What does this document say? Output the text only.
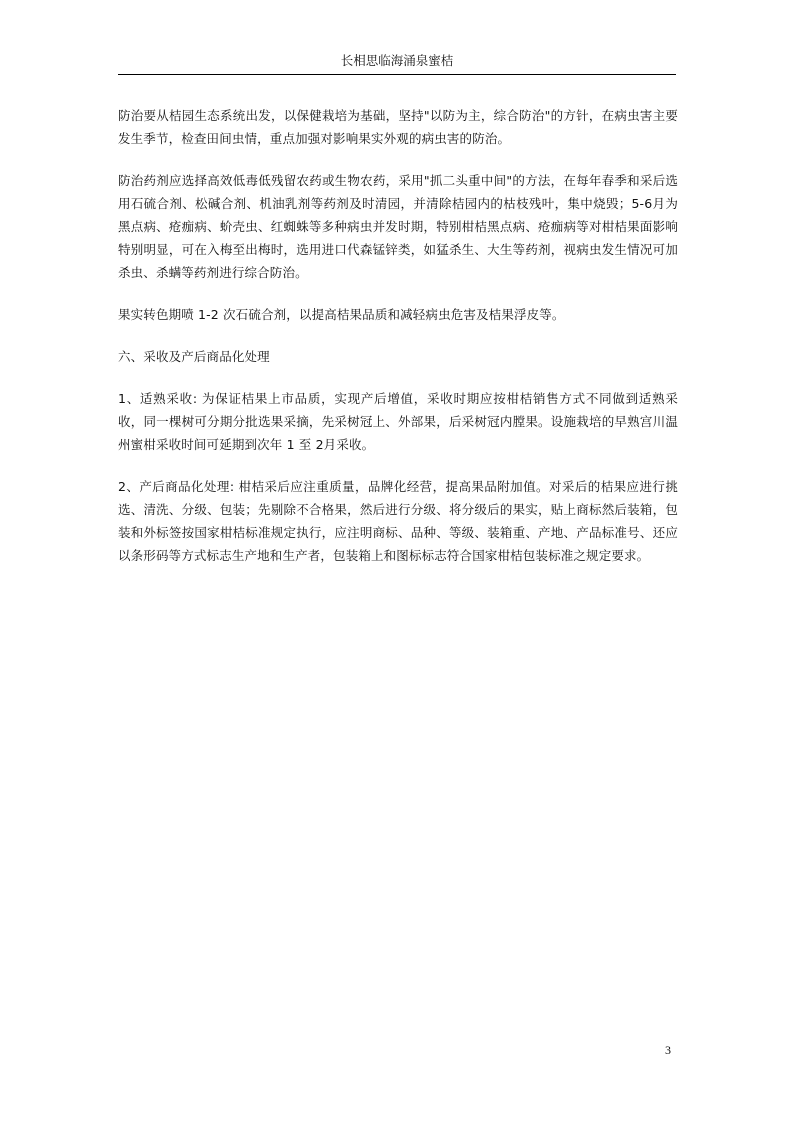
长相思临海涌泉蜜桔

防治要从桔园生态系统出发，以保健栽培为基础，坚持"以防为主，综合防治"的方针，在病虫害主要发生季节，检查田间虫情，重点加强对影响果实外观的病虫害的防治。

防治药剂应选择高效低毒低残留农药或生物农药，采用"抓二头重中间"的方法，在每年春季和采后选用石硫合剂、松碱合剂、机油乳剂等药剂及时清园，并清除桔园内的枯枝残叶，集中烧毁；5-6月为黑点病、疮痂病、蚧壳虫、红蜘蛛等多种病虫并发时期，特别柑桔黑点病、疮痂病等对柑桔果面影响特别明显，可在入梅至出梅时，选用进口代森锰锌类，如猛杀生、大生等药剂，视病虫发生情况可加杀虫、杀螨等药剂进行综合防治。

果实转色期喷 1-2 次石硫合剂，以提高桔果品质和减轻病虫危害及桔果浮皮等。

六、采收及产后商品化处理

1、适熟采收: 为保证桔果上市品质，实现产后增值，采收时期应按柑桔销售方式不同做到适熟采收，同一棵树可分期分批选果采摘，先采树冠上、外部果，后采树冠内膛果。设施栽培的早熟宫川温州蜜柑采收时间可延期到次年 1 至 2月采收。

2、产后商品化处理: 柑桔采后应注重质量，品牌化经营，提高果品附加值。对采后的桔果应进行挑选、清洗、分级、包装；先剔除不合格果，然后进行分级、将分级后的果实，贴上商标然后装箱，包装和外标签按国家柑桔标准规定执行，应注明商标、品种、等级、装箱重、产地、产品标准号、还应以条形码等方式标志生产地和生产者，包装箱上和图标标志符合国家柑桔包装标准之规定要求。

3
